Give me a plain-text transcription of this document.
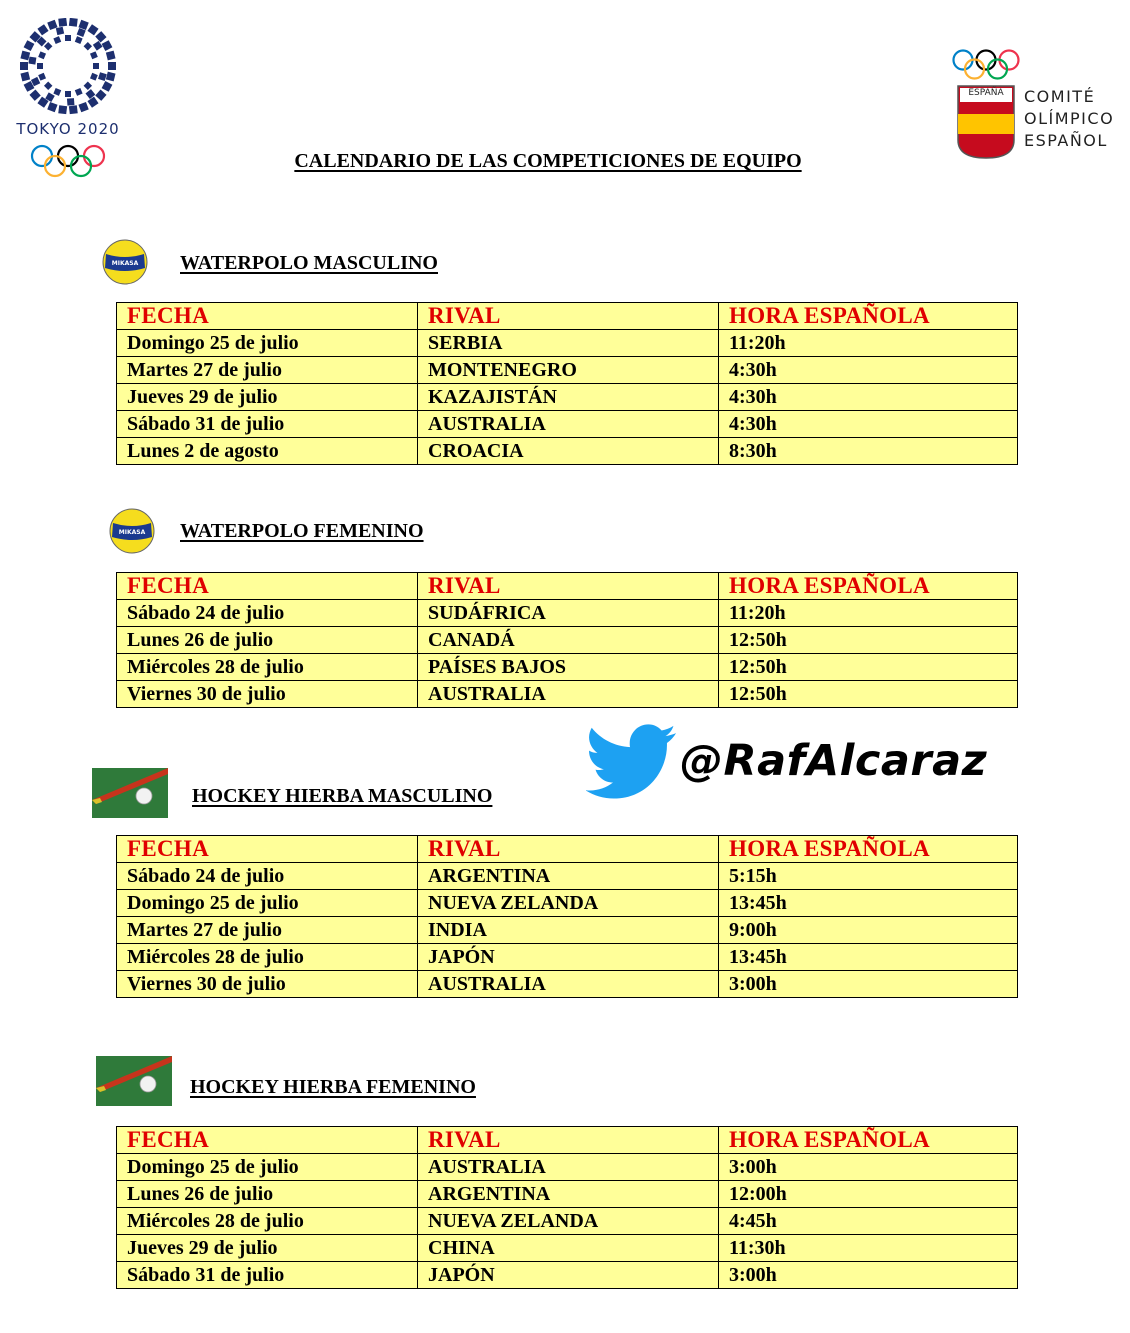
TOKYO 2020
ESPAÑA	COMITÉ
OLÍMPICO
ESPAÑOL
CALENDARIO DE LAS COMPETICIONES DE EQUIPO
MIKASA
MIKASA
WATERPOLO MASCULINO
WATERPOLO FEMENINO
HOCKEY HIERBA MASCULINO
HOCKEY HIERBA FEMENINO
FECHA	RIVAL	HORA ESPAÑOLA
Domingo 25 de julio	SERBIA	11:20h
Martes 27 de julio	MONTENEGRO	4:30h
Jueves 29 de julio	KAZAJISTÁN	4:30h
Sábado 31 de julio	AUSTRALIA	4:30h
Lunes 2 de agosto	CROACIA	8:30h
FECHA	RIVAL	HORA ESPAÑOLA
Sábado 24 de julio	SUDÁFRICA	11:20h
Lunes 26 de julio	CANADÁ	12:50h
Miércoles 28 de julio	PAÍSES BAJOS	12:50h
Viernes 30 de julio	AUSTRALIA	12:50h
FECHA	RIVAL	HORA ESPAÑOLA
Sábado 24 de julio	ARGENTINA	5:15h
Domingo 25 de julio	NUEVA ZELANDA	13:45h
Martes 27 de julio	INDIA	9:00h
Miércoles 28 de julio	JAPÓN	13:45h
Viernes 30 de julio	AUSTRALIA	3:00h
FECHA	RIVAL	HORA ESPAÑOLA
Domingo 25 de julio	AUSTRALIA	3:00h
Lunes 26 de julio	ARGENTINA	12:00h
Miércoles 28 de julio	NUEVA ZELANDA	4:45h
Jueves 29 de julio	CHINA	11:30h
Sábado 31 de julio	JAPÓN	3:00h
@RafAlcaraz
